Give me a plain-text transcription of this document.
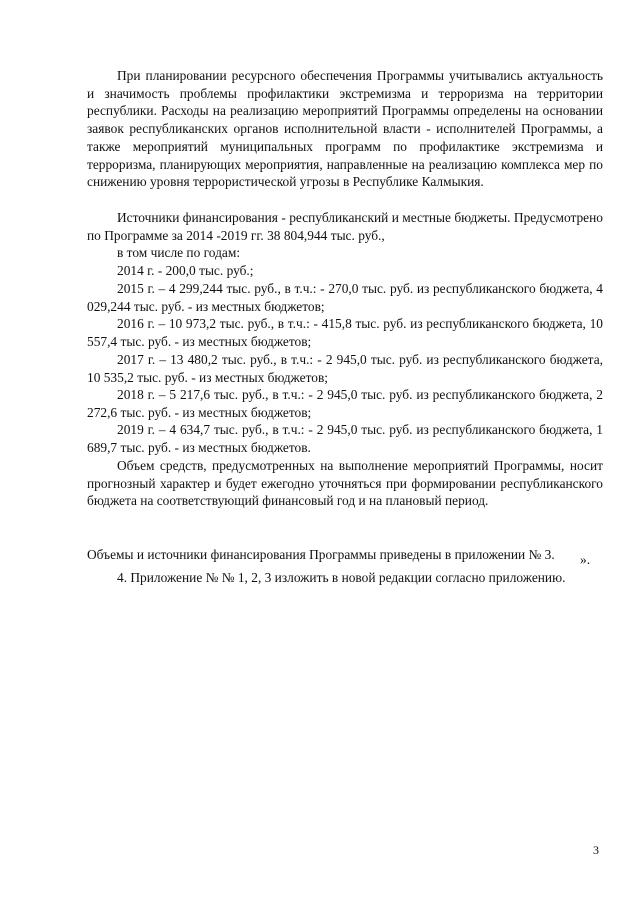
При планировании ресурсного обеспечения Программы учитывались актуальность и значимость проблемы профилактики экстремизма и терроризма на территории республики. Расходы на реализацию мероприятий Программы определены на основании заявок республиканских органов исполнительной власти - исполнителей Программы, а также мероприятий муниципальных программ по профилактике экстремизма и терроризма, планирующих мероприятия, направленные на реализацию комплекса мер по снижению уровня террористической угрозы в Республике Калмыкия.

Источники финансирования - республиканский и местные бюджеты. Предусмотрено по Программе за 2014 -2019 гг. 38 804,944 тыс. руб.,

в том числе по годам:

2014 г. - 200,0 тыс. руб.;

2015 г. – 4 299,244 тыс. руб., в т.ч.: - 270,0 тыс. руб. из республиканского бюджета, 4 029,244 тыс. руб. - из местных бюджетов;

2016 г. – 10 973,2 тыс. руб., в т.ч.: - 415,8 тыс. руб. из республиканского бюджета, 10 557,4 тыс. руб. - из местных бюджетов;

2017 г. – 13 480,2 тыс. руб., в т.ч.: - 2 945,0 тыс. руб. из республиканского бюджета, 10 535,2 тыс. руб. - из местных бюджетов;

2018 г. – 5 217,6 тыс. руб., в т.ч.: - 2 945,0 тыс. руб. из республиканского бюджета, 2 272,6 тыс. руб. - из местных бюджетов;

2019 г. – 4 634,7 тыс. руб., в т.ч.: - 2 945,0 тыс. руб. из республиканского бюджета, 1 689,7 тыс. руб. - из местных бюджетов.

Объем средств, предусмотренных на выполнение мероприятий Программы, носит прогнозный характер и будет ежегодно уточняться при формировании республиканского бюджета на соответствующий финансовый год и на плановый период.

Объемы и источники финансирования Программы приведены в приложении № 3.	».

4. Приложение № № 1, 2, 3 изложить в новой редакции согласно приложению.

3
